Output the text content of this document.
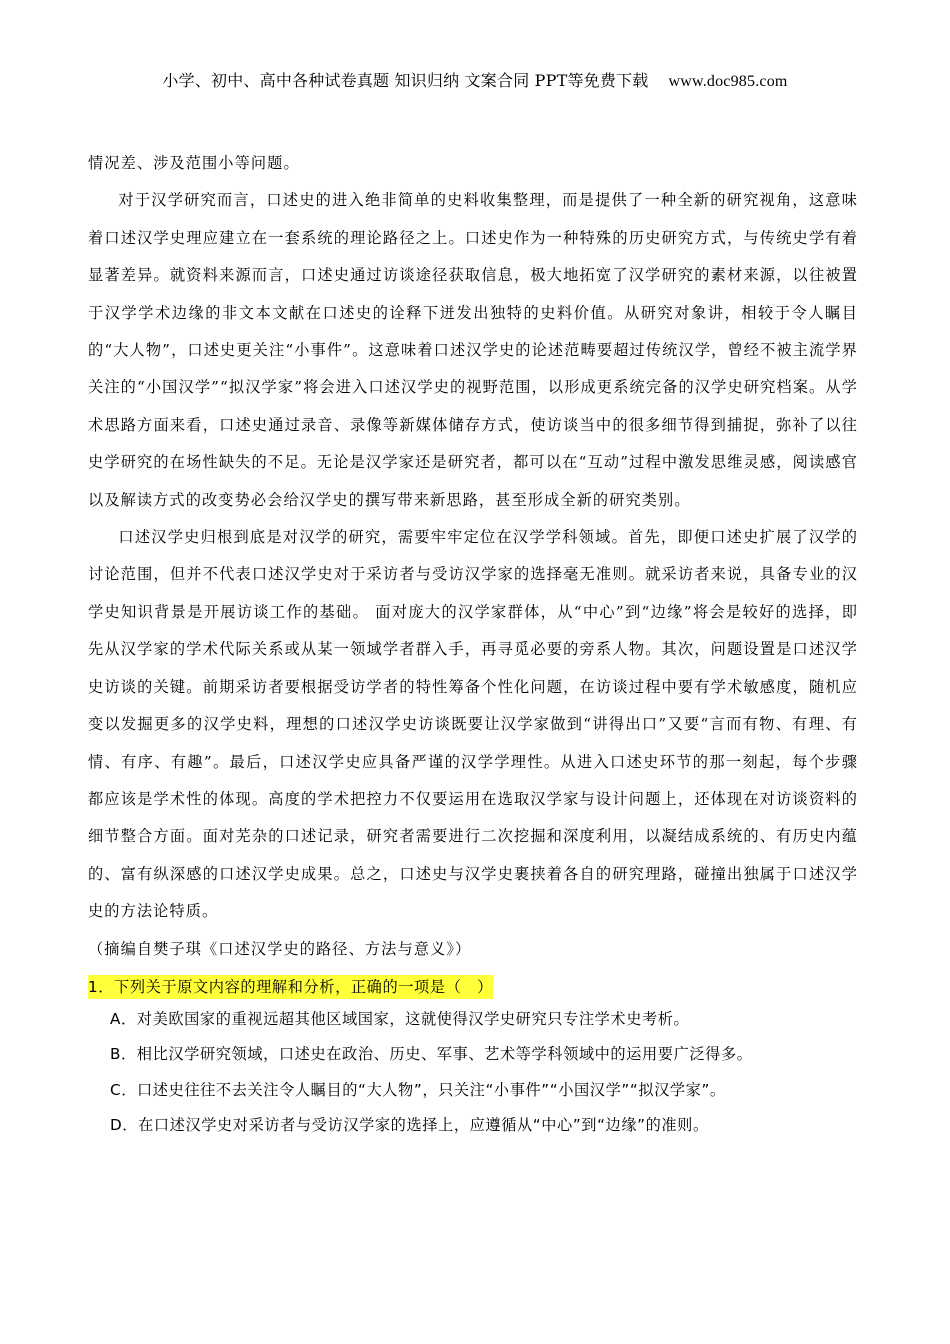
小学、初中、高中各种试卷真题 知识归纳 文案合同 PPT等免费下载 www.doc985.com

情况差、涉及范围小等问题。

对于汉学研究而言，口述史的进入绝非简单的史料收集整理，而是提供了一种全新的研究视角，这意味着口述汉学史理应建立在一套系统的理论路径之上。口述史作为一种特殊的历史研究方式，与传统史学有着显著差异。就资料来源而言，口述史通过访谈途径获取信息，极大地拓宽了汉学研究的素材来源，以往被置于汉学学术边缘的非文本文献在口述史的诠释下迸发出独特的史料价值。从研究对象讲，相较于令人瞩目的“大人物”，口述史更关注“小事件”。这意味着口述汉学史的论述范畴要超过传统汉学，曾经不被主流学界关注的“小国汉学”“拟汉学家”将会进入口述汉学史的视野范围，以形成更系统完备的汉学史研究档案。从学术思路方面来看，口述史通过录音、录像等新媒体储存方式，使访谈当中的很多细节得到捕捉，弥补了以往史学研究的在场性缺失的不足。无论是汉学家还是研究者，都可以在“互动”过程中激发思维灵感，阅读感官以及解读方式的改变势必会给汉学史的撰写带来新思路，甚至形成全新的研究类别。

口述汉学史归根到底是对汉学的研究，需要牢牢定位在汉学学科领域。首先，即便口述史扩展了汉学的讨论范围，但并不代表口述汉学史对于采访者与受访汉学家的选择毫无准则。就采访者来说，具备专业的汉学史知识背景是开展访谈工作的基础。 面对庞大的汉学家群体，从“中心”到“边缘”将会是较好的选择，即先从汉学家的学术代际关系或从某一领域学者群入手，再寻觅必要的旁系人物。其次，问题设置是口述汉学史访谈的关键。前期采访者要根据受访学者的特性筹备个性化问题，在访谈过程中要有学术敏感度，随机应变以发掘更多的汉学史料，理想的口述汉学史访谈既要让汉学家做到“讲得出口”又要“言而有物、有理、有情、有序、有趣”。最后，口述汉学史应具备严谨的汉学学理性。从进入口述史环节的那一刻起，每个步骤都应该是学术性的体现。高度的学术把控力不仅要运用在选取汉学家与设计问题上，还体现在对访谈资料的细节整合方面。面对芜杂的口述记录，研究者需要进行二次挖掘和深度利用，以凝结成系统的、有历史内蕴的、富有纵深感的口述汉学史成果。总之，口述史与汉学史裹挟着各自的研究理路，碰撞出独属于口述汉学史的方法论特质。

（摘编自樊子琪《口述汉学史的路径、方法与意义》）

1．下列关于原文内容的理解和分析，正确的一项是（　）

A．对美欧国家的重视远超其他区域国家，这就使得汉学史研究只专注学术史考析。

B．相比汉学研究领域，口述史在政治、历史、军事、艺术等学科领域中的运用要广泛得多。

C．口述史往往不去关注令人瞩目的“大人物”，只关注“小事件”“小国汉学”“拟汉学家”。

D．在口述汉学史对采访者与受访汉学家的选择上，应遵循从“中心”到“边缘”的准则。
